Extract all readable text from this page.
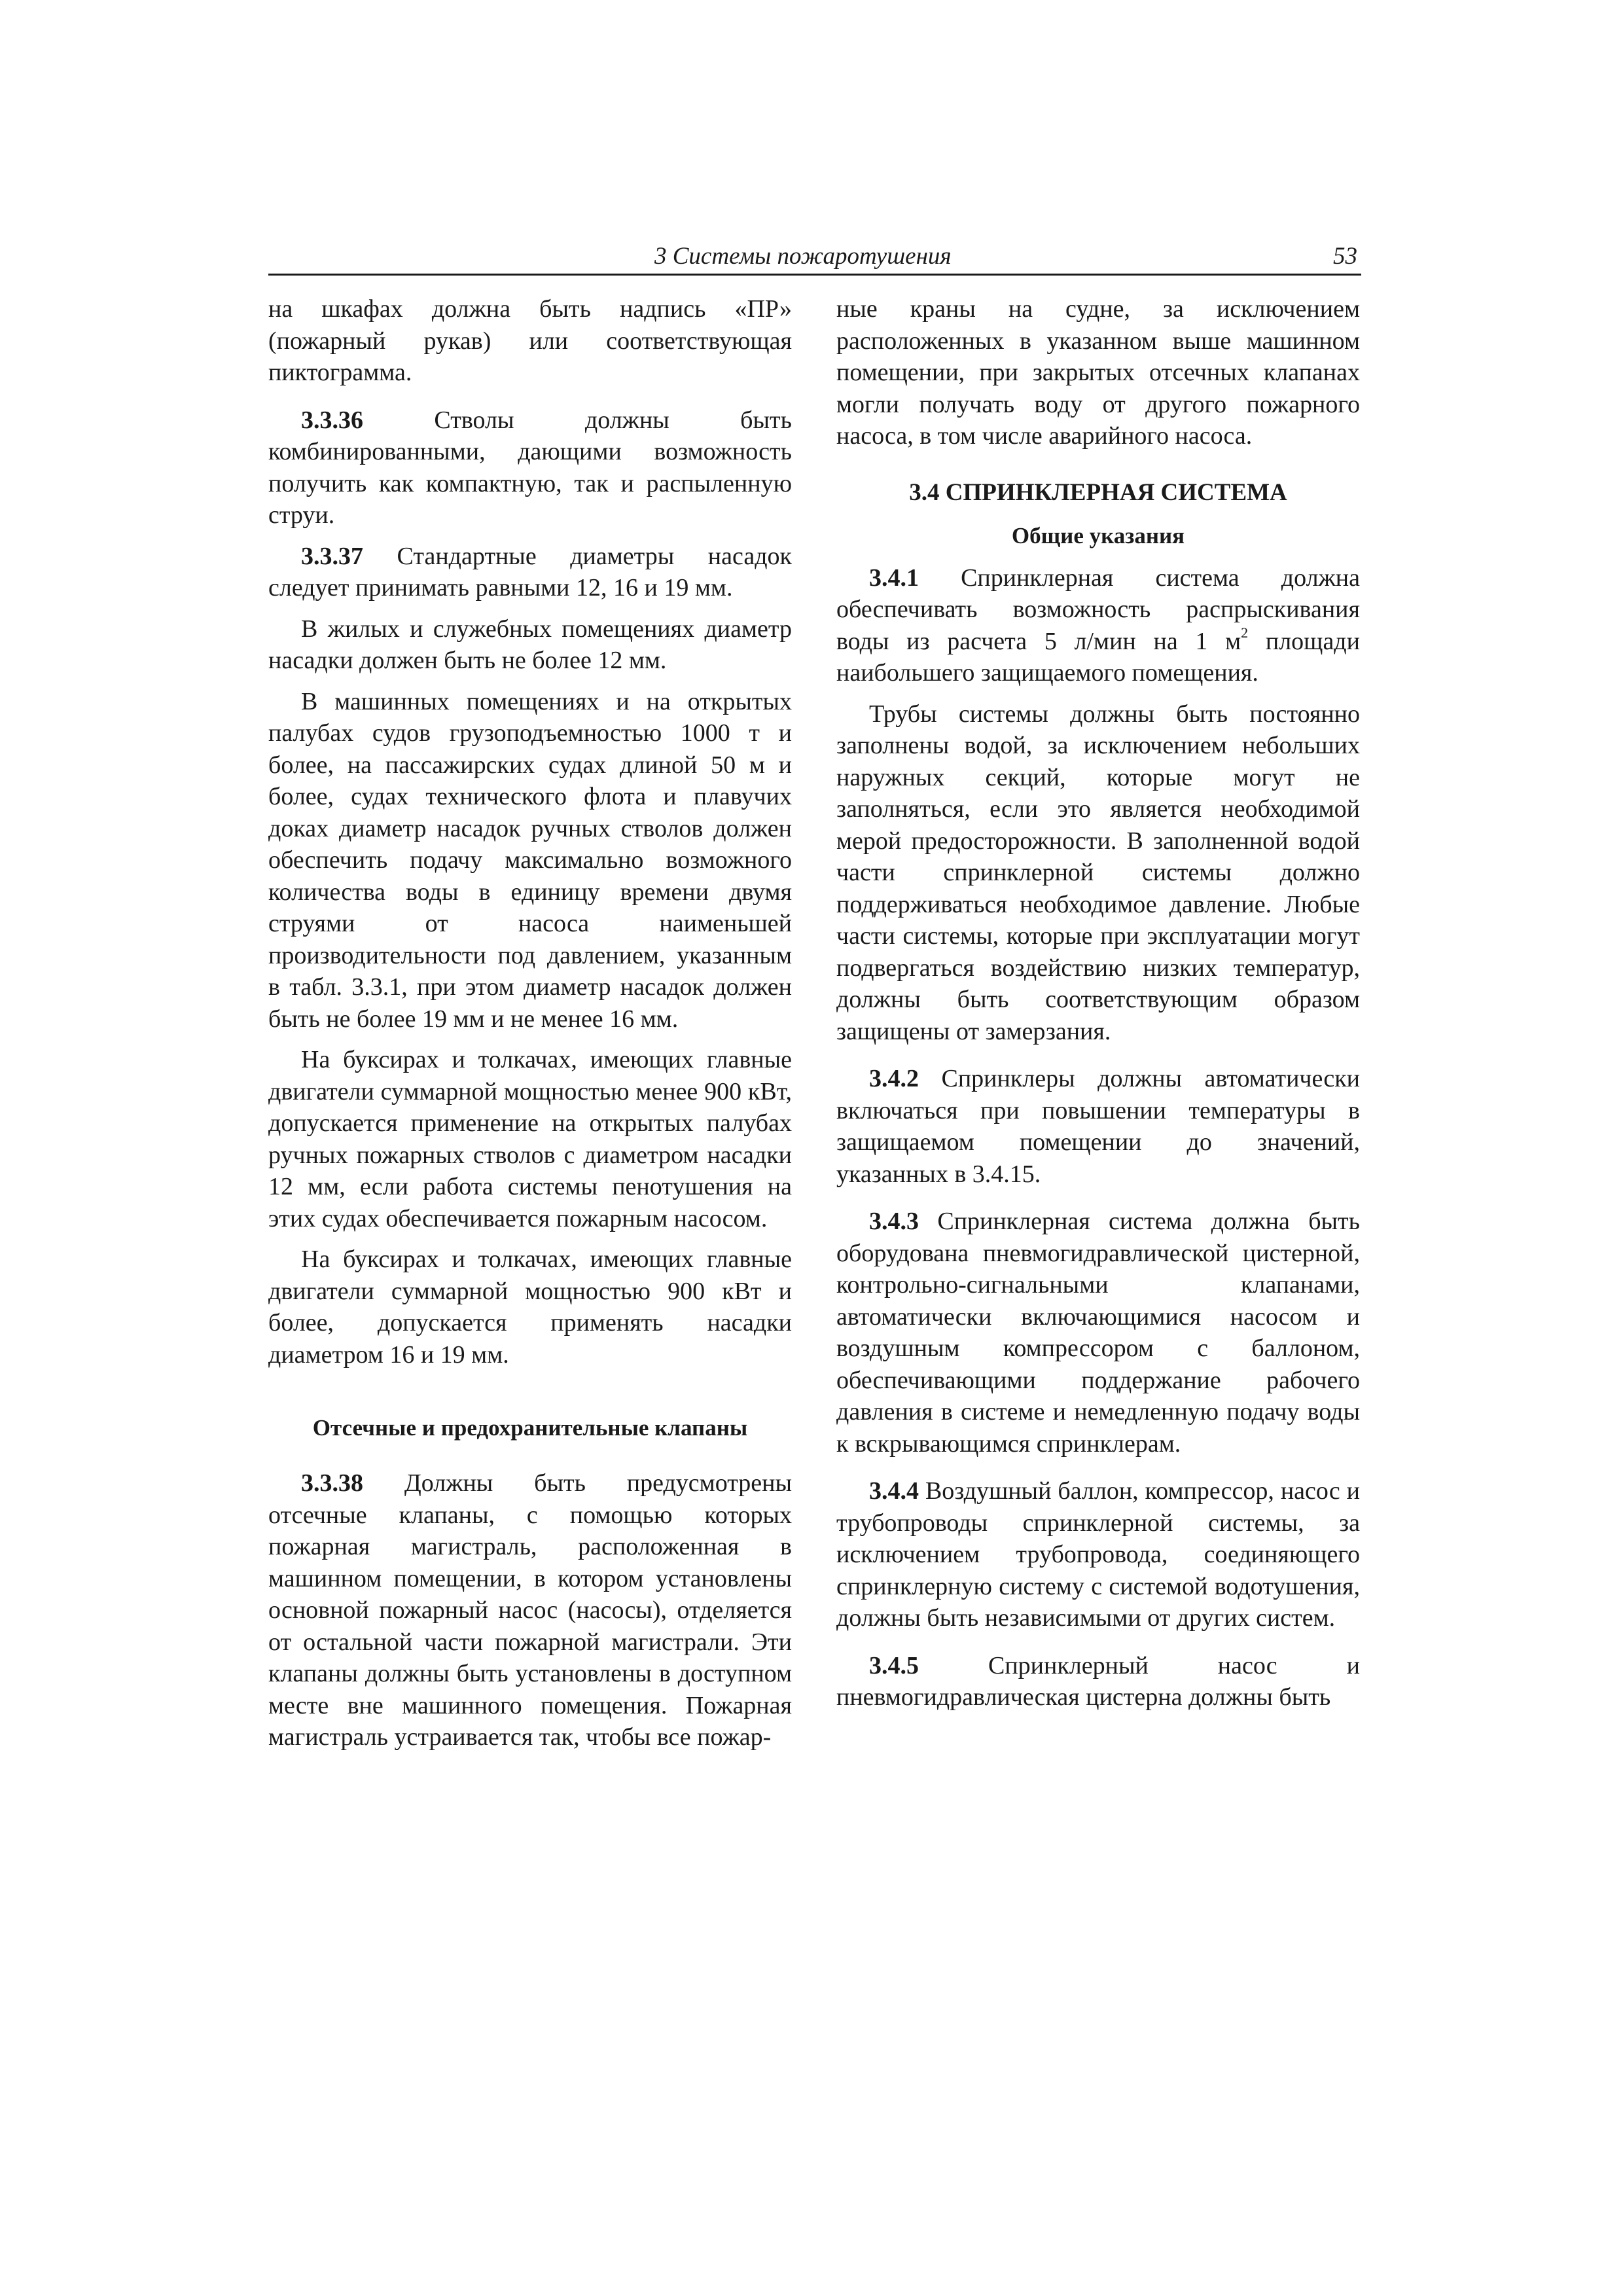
3 Системы пожаротушения	53

на шкафах должна быть надпись «ПР» (пожарный рукав) или соответствующая пиктограмма.

3.3.36 Стволы должны быть комбинированными, дающими возможность получить как компактную, так и распыленную струи.

3.3.37 Стандартные диаметры насадок следует принимать равными 12, 16 и 19 мм.

В жилых и служебных помещениях диаметр насадки должен быть не более 12 мм.

В машинных помещениях и на открытых палубах судов грузоподъемностью 1000 т и более, на пассажирских судах длиной 50 м и более, судах технического флота и плавучих доках диаметр насадок ручных стволов должен обеспечить подачу максимально возможного количества воды в единицу времени двумя струями от насоса наименьшей производительности под давлением, указанным в табл. 3.3.1, при этом диаметр насадок должен быть не более 19 мм и не менее 16 мм.

На буксирах и толкачах, имеющих главные двигатели суммарной мощностью менее 900 кВт, допускается применение на открытых палубах ручных пожарных стволов с диаметром насадки 12 мм, если работа системы пенотушения на этих судах обеспечивается пожарным насосом.

На буксирах и толкачах, имеющих главные двигатели суммарной мощностью 900 кВт и более, допускается применять насадки диаметром 16 и 19 мм.

Отсечные и предохранительные клапаны

3.3.38 Должны быть предусмотрены отсечные клапаны, с помощью которых пожарная магистраль, расположенная в машинном помещении, в котором установлены основной пожарный насос (насосы), отделяется от остальной части пожарной магистрали. Эти клапаны должны быть установлены в доступном месте вне машинного помещения. Пожарная магистраль устраивается так, чтобы все пожар-

ные краны на судне, за исключением расположенных в указанном выше машинном помещении, при закрытых отсечных клапанах могли получать воду от другого пожарного насоса, в том числе аварийного насоса.

3.4 СПРИНКЛЕРНАЯ СИСТЕМА
Общие указания

3.4.1 Спринклерная система должна обеспечивать возможность распрыскивания воды из расчета 5 л/мин на 1 $м^2$ площади наибольшего защищаемого помещения.

Трубы системы должны быть постоянно заполнены водой, за исключением небольших наружных секций, которые могут не заполняться, если это является необходимой мерой предосторожности. В заполненной водой части спринклерной системы должно поддерживаться необходимое давление. Любые части системы, которые при эксплуатации могут подвергаться воздействию низких температур, должны быть соответствующим образом защищены от замерзания.

3.4.2 Спринклеры должны автоматически включаться при повышении температуры в защищаемом помещении до значений, указанных в 3.4.15.

3.4.3 Спринклерная система должна быть оборудована пневмогидравлической цистерной, контрольно-сигнальными клапанами, автоматически включающимися насосом и воздушным компрессором с баллоном, обеспечивающими поддержание рабочего давления в системе и немедленную подачу воды к вскрывающимся спринклерам.

3.4.4 Воздушный баллон, компрессор, насос и трубопроводы спринклерной системы, за исключением трубопровода, соединяющего спринклерную систему с системой водотушения, должны быть независимыми от других систем.

3.4.5 Спринклерный насос и пневмогидравлическая цистерна должны быть
